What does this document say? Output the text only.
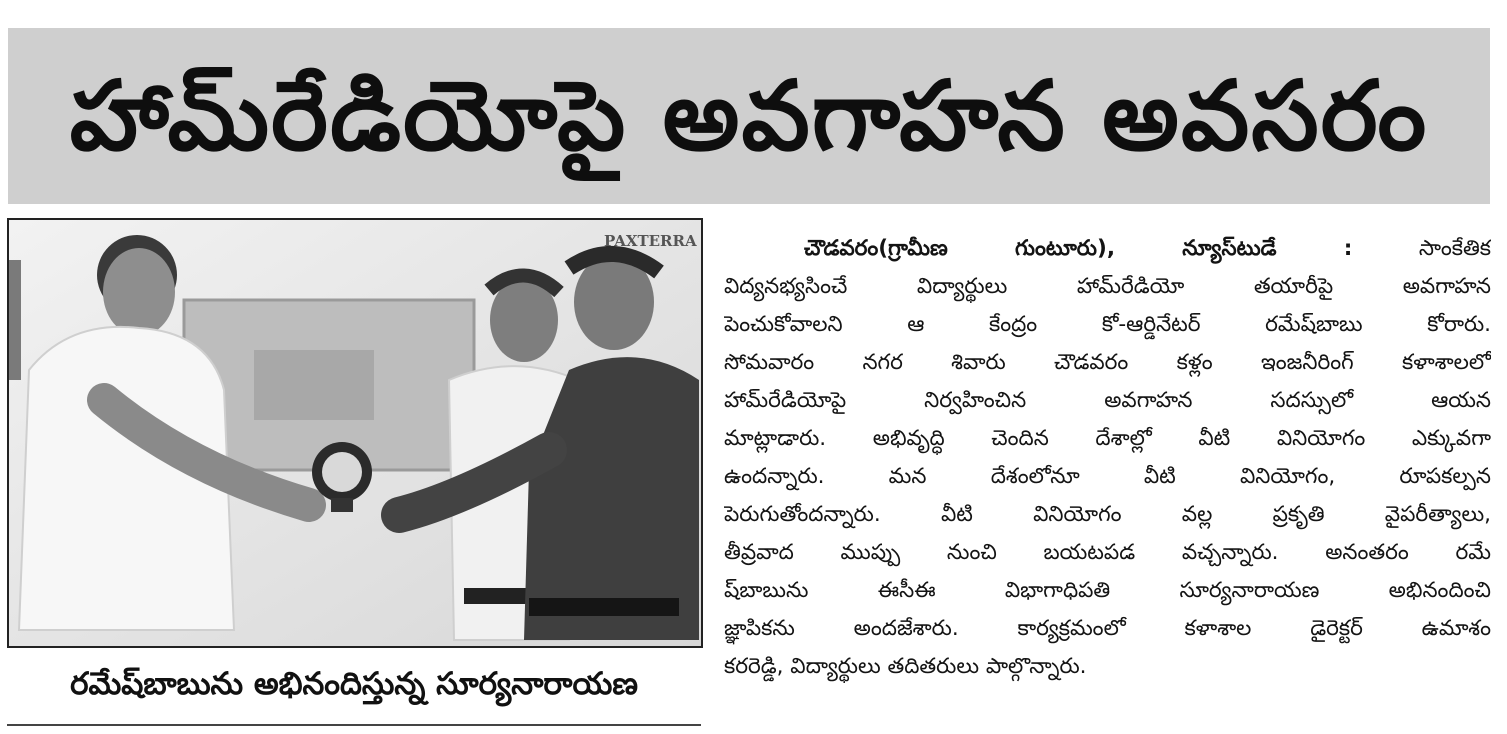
హామ్‌రేడియోపై అవగాహన అవసరం
PAXTERRA
రమేష్‌బాబును అభినందిస్తున్న సూర్యనారాయణ
చౌడవరం(గ్రామీణ గుంటూరు), న్యూస్‌టుడే :	సాంకేతిక
విద్యనభ్యసించే విద్యార్థులు హామ్‌రేడియో తయారీపై అవగాహన
పెంచుకోవాలని ఆ కేంద్రం కో-ఆర్డినేటర్ రమేష్‌బాబు కోరారు.
సోమవారం నగర శివారు చౌడవరం కళ్లం ఇంజనీరింగ్ కళాశాలలో
హామ్‌రేడియోపై నిర్వహించిన అవగాహన సదస్సులో ఆయన
మాట్లాడారు. అభివృద్ధి చెందిన దేశాల్లో వీటి వినియోగం ఎక్కువగా
ఉందన్నారు. మన దేశంలోనూ వీటి వినియోగం, రూపకల్పన
పెరుగుతోందన్నారు. వీటి వినియోగం వల్ల ప్రకృతి వైపరీత్యాలు,
తీవ్రవాద ముప్పు నుంచి బయటపడ వచ్చన్నారు. అనంతరం రమే
ష్‌బాబును ఈసీఈ విభాగాధిపతి సూర్యనారాయణ అభినందించి
జ్ఞాపికను అందజేశారు. కార్యక్రమంలో కళాశాల డైరెక్టర్ ఉమాశం
కరరెడ్డి, విద్యార్థులు తదితరులు పాల్గొన్నారు.
